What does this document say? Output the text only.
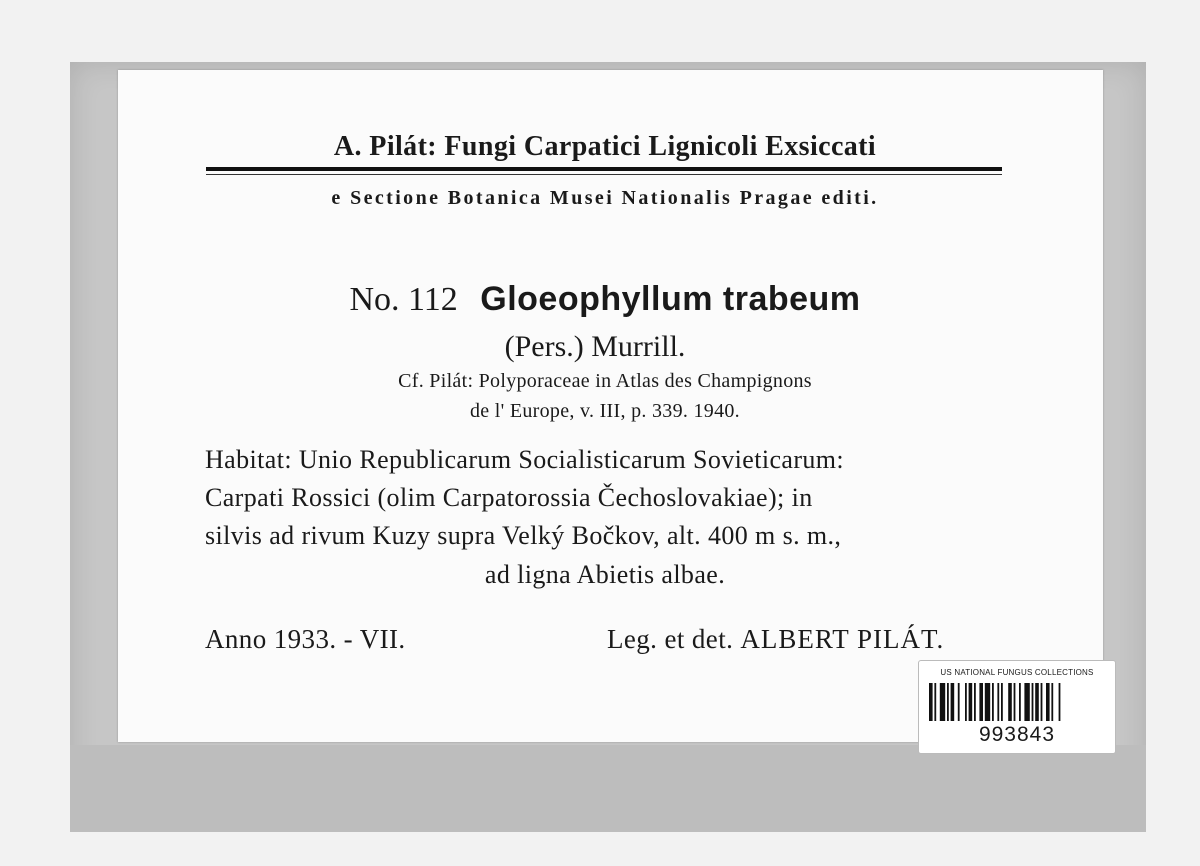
A. Pilát: Fungi Carpatici Lignicoli Exsiccati
e Sectione Botanica Musei Nationalis Pragae editi.
No. 112 Gloeophyllum trabeum
(Pers.) Murrill.
Cf. Pilát: Polyporaceae in Atlas des Champignons
de l' Europe, v. III, p. 339. 1940.
Habitat: Unio Republicarum Socialisticarum Sovieticarum:
Carpati Rossici (olim Carpatorossia Čechoslovakiae); in
silvis ad rivum Kuzy supra Velký Bočkov, alt. 400 m s. m.,
ad ligna Abietis albae.
Anno 1933. - VII.	Leg. et det. ALBERT PILÁT.
US NATIONAL FUNGUS COLLECTIONS
993843
